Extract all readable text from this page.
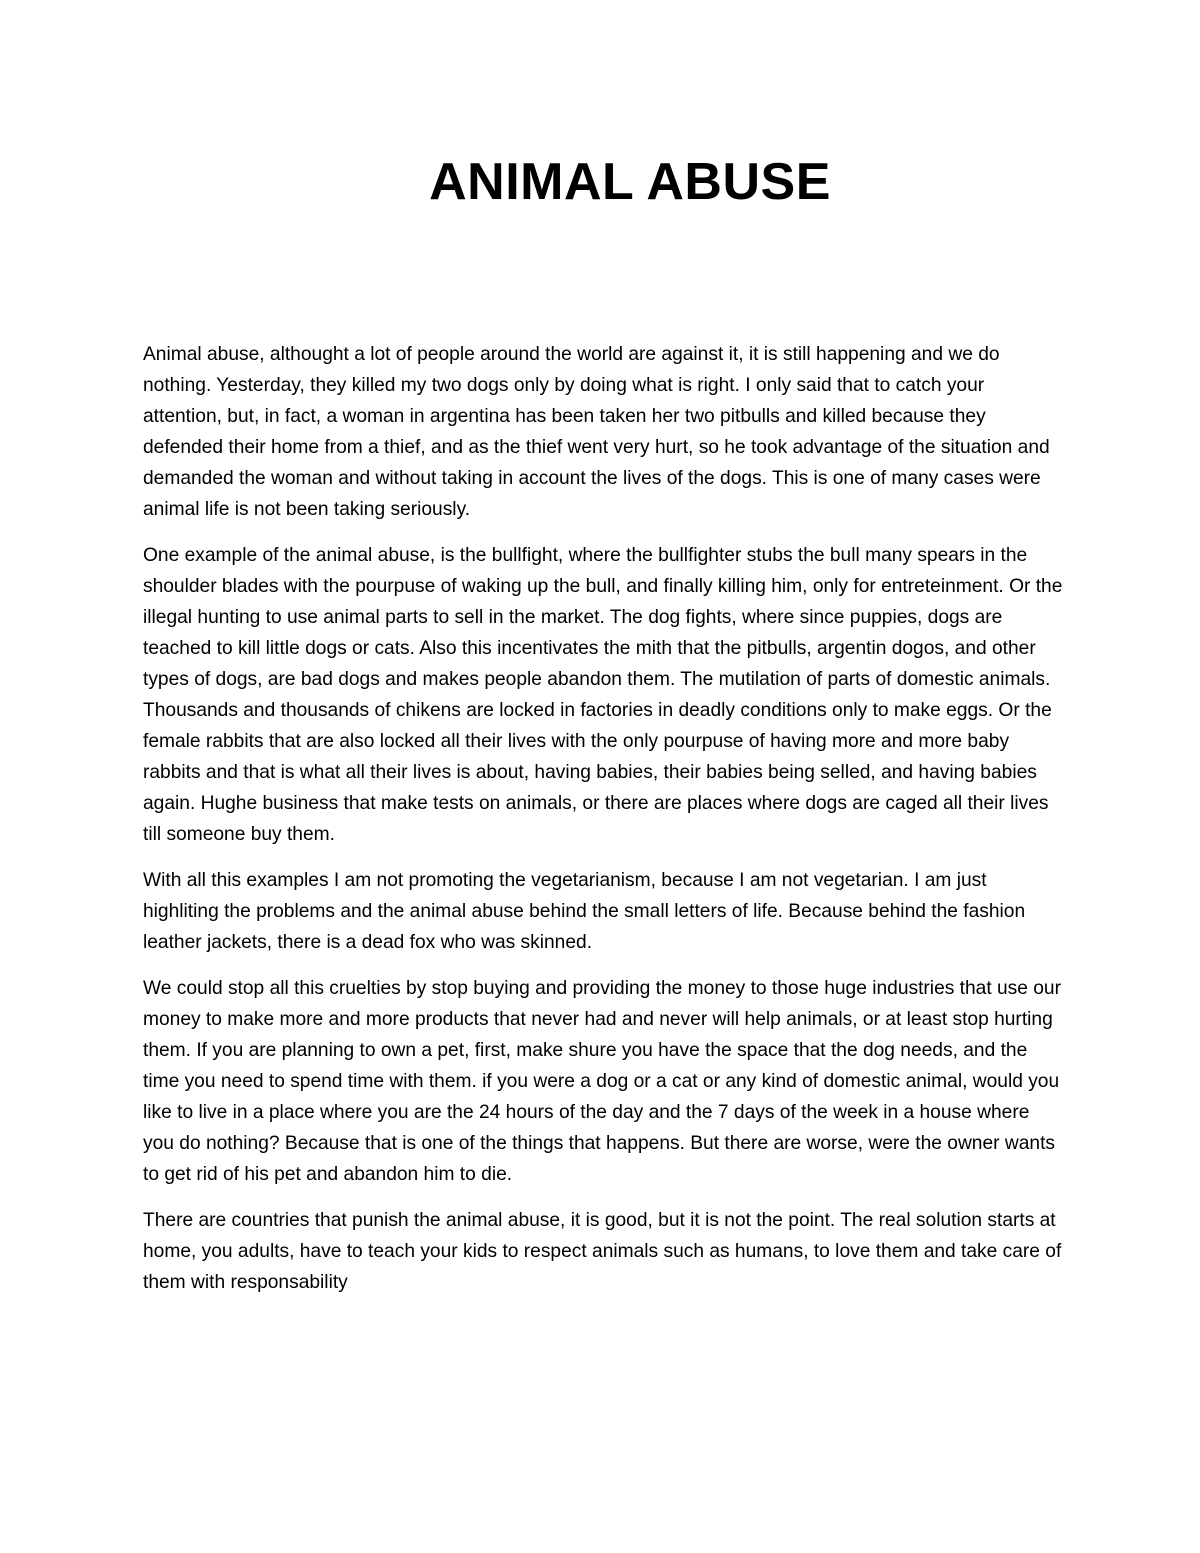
ANIMAL ABUSE

Animal abuse, althought a lot of people around the world are against it, it is still happening and we do nothing. Yesterday, they killed my two dogs only by doing what is right. I only said that to catch your attention, but, in fact, a woman in argentina has been taken her two pitbulls and killed because they defended their home from a thief, and as the thief went very hurt, so he took advantage of the situation and demanded the woman and without taking in account the lives of the dogs. This is one of many cases were animal life is not been taking seriously.

One example of the animal abuse, is the bullfight, where the bullfighter stubs the bull many spears in the shoulder blades with the pourpuse of waking up the bull, and finally killing him, only for entreteinment. Or the illegal hunting to use animal parts to sell in the market. The dog fights, where since puppies, dogs are teached to kill little dogs or cats. Also this incentivates the mith that the pitbulls, argentin dogos, and other types of dogs, are bad dogs and makes people abandon them. The mutilation of parts of domestic animals. Thousands and thousands of chikens are locked in factories in deadly conditions only to make eggs. Or the female rabbits that are also locked all their lives with the only pourpuse of having more and more baby rabbits and that is what all their lives is about, having babies, their babies being selled, and having babies again. Hughe business that make tests on animals, or there are places where dogs are caged all their lives till someone buy them.

With all this examples I am not promoting the vegetarianism, because I am not vegetarian. I am just highliting the problems and the animal abuse behind the small letters of life. Because behind the fashion leather jackets, there is a dead fox who was skinned.

We could stop all this cruelties by stop buying and providing the money to those huge industries that use our money to make more and more products that never had and never will help animals, or at least stop hurting them. If you are planning to own a pet, first, make shure you have the space that the dog needs, and the time you need to spend time with them. if you were a dog or a cat or any kind of domestic animal, would you like to live in a place where you are the 24 hours of the day and the 7 days of the week in a house where you do nothing? Because that is one of the things that happens. But there are worse, were the owner wants to get rid of his pet and abandon him to die.

There are countries that punish the animal abuse, it is good, but it is not the point. The real solution starts at home, you adults, have to teach your kids to respect animals such as humans, to love them and take care of them with responsability
